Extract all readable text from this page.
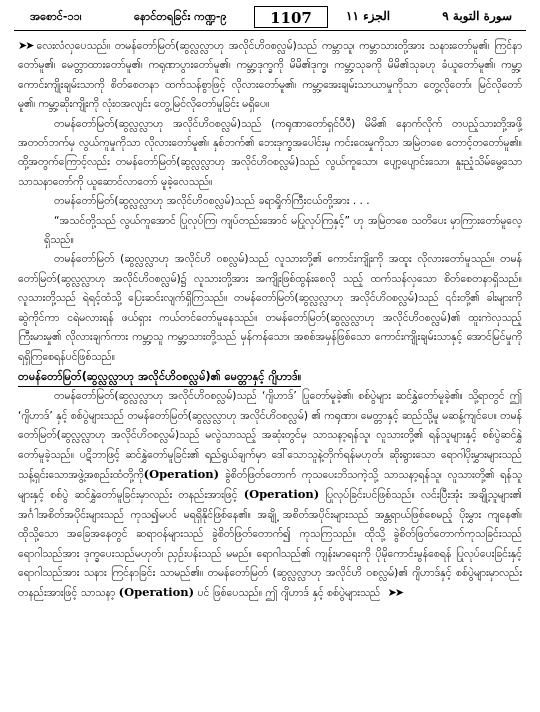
အစောင်-၁၁၊	နောင်တရခြင်း ကဏ္ဍ-၉	1107	الجزء ١١	سورة التوبة ٩

➤➤ လေးလံလှပေသည်။ တမန်တော်မြတ်(ဆွလ္လလ္လာဟု အလိုင်ဟိဝစလ္လမ်)သည် ကမ္ဘာသူ၊ ကမ္ဘာသားတို့အား သနားတော်မူ၏၊ ကြင်နာတော်မူ၏၊ မေတ္တာထားတော်မူ၏၊ ကရုဏာပွားတော်မူ၏၊ ကမ္ဘာ့ဒုက္ခကို မိမိ၏ဒုက္ခ၊ ကမ္ဘာ့သုခကို မိမိ၏သုခဟု ခံယူတော်မူ၏၊ ကမ္ဘာ့ကောင်းကျိုးချမ်းသာကို စိတ်စေတနာ ထက်သန်စွာဖြင့် လိုလားတော်မူ၏၊ ကမ္ဘာ့အေးချမ်းသာယာမှုကိုသာ တွေ့လိုတော်၊ မြင်လိုတော်မူ၏၊ ကမ္ဘာ့ဆိုးကျိုးကို လုံးဝအလျင်း တွေ့မြင်လိုတော်မူခြင်း မရှိပေ။

တမန်တော်မြတ်(ဆွလ္လလ္လာဟု အလိုင်ဟိဝစလ္လမ်)သည် (ကရုဏာတော်ရှင်ပီပီ) မိမိ၏ နောက်လိုက် တပည့်သားတို့အဖို့ အတတ်ဘက်မှ လွယ်ကူမှုကိုသာ လိုလားတော်မူ၏၊ နှစ်ဘက်၏ ဘေးဒုက္ခအပေါင်းမှ ကင်းဝေးမှုကိုသာ အမြဲတစေ တောင့်တတော်မူ၏။ ထို့အတွက်ကြောင့်လည်း တမန်တော်မြတ်(ဆွလ္လလ္လာဟု အလိုင်ဟိဝစလ္လမ်)သည် လွယ်ကူသော၊ ပျော့ပျောင်းသော၊ နူးညံ့သိမ်မွေ့သော သာသနာတော်ကို ယူဆောင်လာတော် မူခဲ့လေသည်။

တမန်တော်မြတ်(ဆွလ္လလ္လာဟု အလိုင်ဟိဝစလ္လမ်)သည် ခရာရှိုက်ကြီးငယ်တို့အား . . .

“အသင်တို့သည် လွယ်ကူအောင် ပြုလုပ်ကြ၊ ကျပ်တည်းအောင် မပြုလုပ်ကြနှင့်” ဟု အမြဲတစေ သတိပေး မှာကြားတော်မူလေ့ရှိသည်။

တမန်တော်မြတ် (ဆွလ္လလ္လာဟု အလိုင်ဟိ ဝစလ္လမ်)သည် လူသားတို့၏ ကောင်းကျိုးကို အထူး လိုလားတော်မူသည်။ တမန်တော်မြတ်(ဆွလ္လလ္လာဟု အလိုင်ဟိဝစလ္လမ်)၌ လူသားတို့အား အကျိုးဖြစ်ထွန်းစေလို သည့် ထက်သန်လှသော စိတ်စေတနာရှိသည်။ လူသားတို့သည် ရဲရင့်ထံသို့ ပြေးဆင်းလျက်ရှိကြသည်။ တမန်တော်မြတ်(ဆွလ္လလ္လာဟု အလိုင်ဟိဝစလ္လမ်)သည် ၎င်းတို့၏ ခါးများကိုဆွဲကိုင်ကာ ငရဲမလားရန် ဖယ်ရှား ကယ်တင်တော်မူနေသည်။ တမန်တော်မြတ်(ဆွလ္လလ္လာဟု အလိုင်ဟိဝစလ္လမ်)၏ ထူးကဲလှသည့် ကြီးမားမှု၏ လိုလားချက်ကား ကမ္ဘာ့သူ ကမ္ဘာ့သားတို့သည် မှန်ကန်သော၊ အစစ်အမှန်ဖြစ်သော ကောင်းကျိုးချမ်းသာနှင့် အောင်မြင်မှုကို ရရှိကြစေရန်ပင်ဖြစ်သည်။

တမန်တော်မြတ်(ဆွလ္လလ္လာဟု အလိုင်ဟိဝစလ္လမ်)၏ မေတ္တာနှင့် ဂျိဟာဒ်။

တမန်တော်မြတ်(ဆွလ္လလ္လာဟု အလိုင်ဟိဝစလ္လမ်)သည် ‘ဂျိဟာဒ်’ ပြုတော်မူခဲ့၏၊ စစ်ပွဲများ ဆင်နွှဲတော်မူခဲ့၏။ သို့ရာတွင် ဤ ‘ဂျိဟာဒ်’ နှင့် စစ်ပွဲများသည် တမန်တော်မြတ်(ဆွလ္လလ္လာဟု အလိုင်ဟိဝစလ္လမ်) ၏ ကရုဏာ၊ မေတ္တာနှင့် ဆည်သို့မူ မဆန့်ကျင်ပေ။ တမန်တော်မြတ်(ဆွလ္လလ္လာဟု အလိုင်ဟိဝစလ္လမ်)သည် မလွဲသာသည့် အဆုံးတွင်မှ သာသနာ့ရန်သူ၊ လူသားတို့၏ ရန်သူများနှင့် စစ်ပွဲဆင်နွှဲတော်မူခဲ့သည်။ ပဋိဘာဖြင့် ဆင်နွှဲတော်မူခြင်း၏ ရည်ရွယ်ချက်မှာ ဒေါ်သောသူနဲ့တိုက်ရန်မဟုတ်၊ ဆိုးရွားသော ရောဂါပိုးမွှားများသည် သန့်ရှင်းသောအဖွဲ့အစည်းထံတို့ကို(Operation) ခွဲစိတ်ဖြတ်တောက် ကုသပေးဘိသကဲ့သို့ သာသနာ့ရန်သူ၊ လူသားတို့၏ ရန်သူများနှင့် စစ်ပွဲ ဆင်နွှဲတော်မူခြင်းမှာလည်း တနည်းအားဖြင့် (Operation) ပြုလုပ်ခြင်းပင်ဖြစ်သည်။ လင်းပြီးအုံး အချို့သူများ၏ အင်္ဂါအစိတ်အပိုင်းများသည် ကုသ၍မပင် မရရှိနိုင်ဖြစ်နေ၏။ အချို့ အစိတ်အပိုင်းများသည် အန္တရာယ်ဖြစ်စေမည့် ပိုးမွှား ကျနေ၏၊ ထိုသို့သော အခြေအနေတွင် ဆရာဝန်များသည် ခွဲစိတ်ဖြတ်တောက်၍ ကုသကြသည်။ ထိုသို့ ခွဲစိတ်ဖြတ်တောက်ကုသခြင်းသည် ရောဂါသည်အား ဒုက္ခပေးသည်မဟုတ်၊ ညှဉ်းပန်းသည် မမည်။ ရောဂါသည်၏ ကျန်းမာရေးကို ပိုမိုကောင်းမွန်စေရန် ပြုလုပ်ပေးခြင်းနှင့် ရောဂါသည်အား သနား ကြင်နာခြင်း သာမည်၏။ တမန်တော်မြတ် (ဆွလ္လလ္လာဟု အလိုင်ဟိ ဝစလ္လမ်)၏ ဂျိဟာဒ်နှင့် စစ်ပွဲများမှာလည်း တနည်းအားဖြင့် သာသနာ့ (Operation) ပင် ဖြစ်ပေသည်။ ဤ ဂျိဟာဒ် နှင့် စစ်ပွဲများသည် ➤➤
